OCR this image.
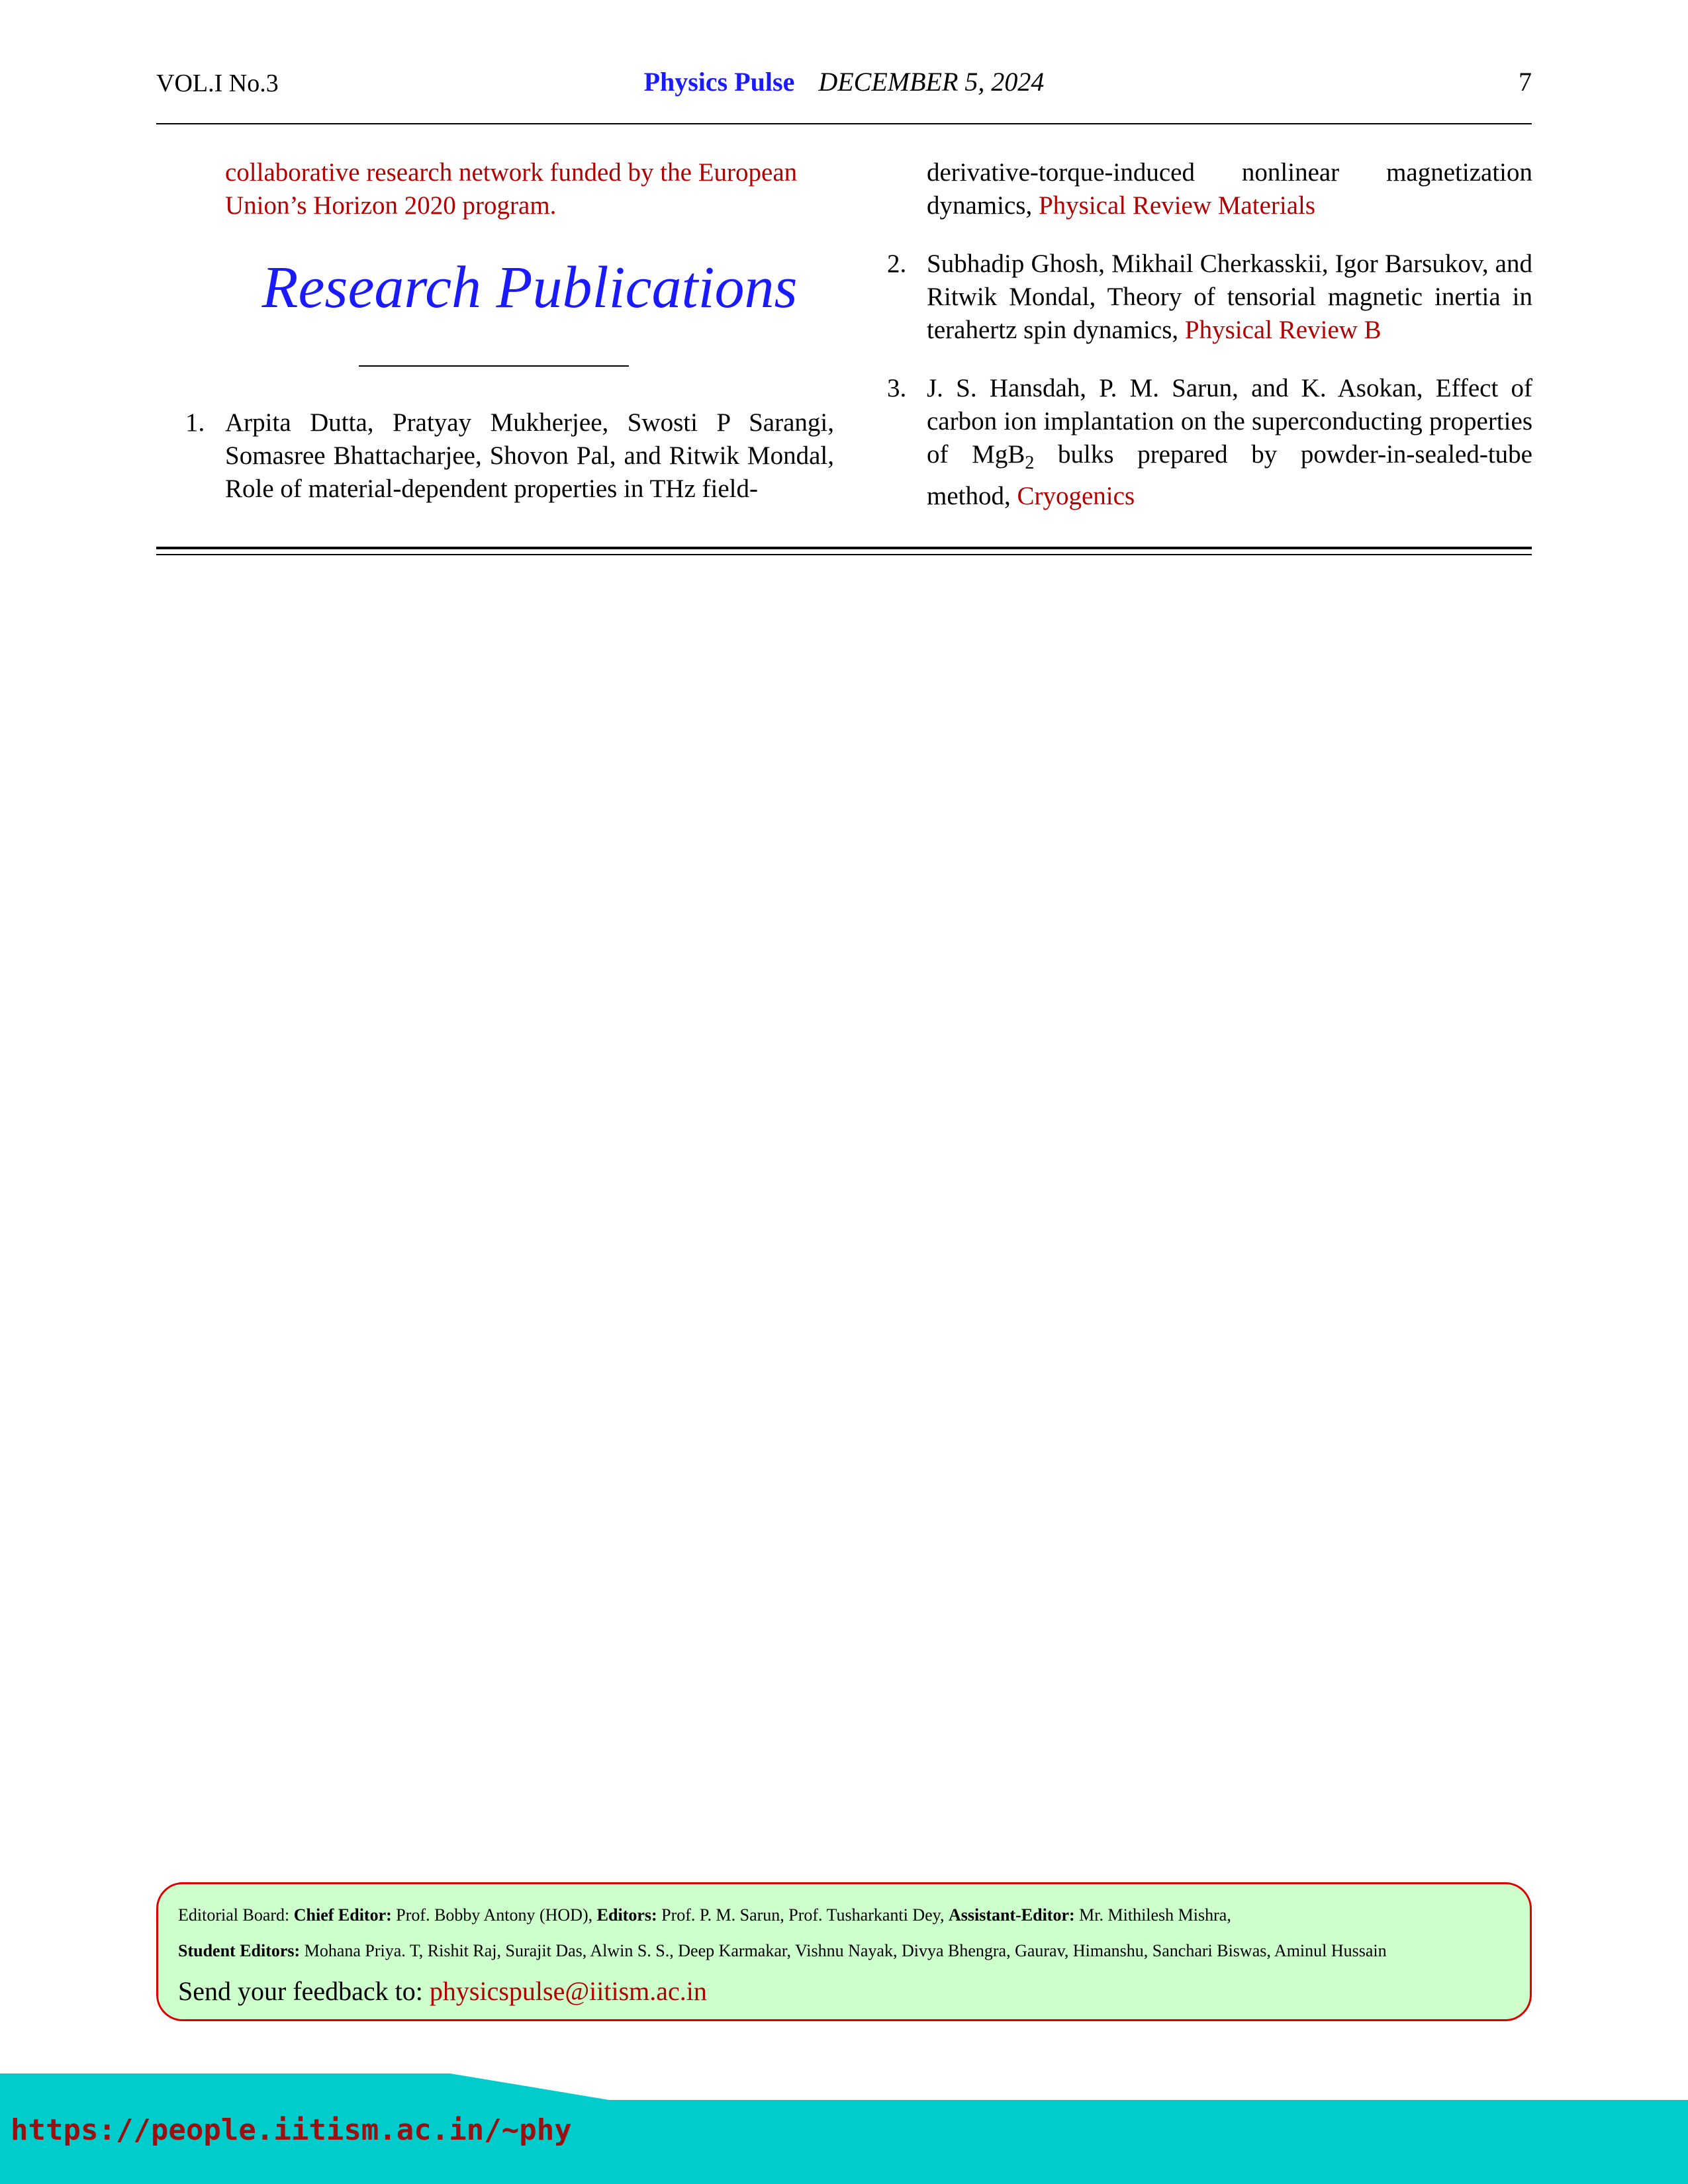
VOL.I No.3	Physics Pulse DECEMBER 5, 2024	7
collaborative research network funded by the European Union’s Horizon 2020 program.
Research Publications
1. Arpita Dutta, Pratyay Mukherjee, Swosti P Sarangi, Somasree Bhattacharjee, Shovon Pal, and Ritwik Mondal, Role of material-dependent properties in THz field-
derivative-torque-induced nonlinear magnetization dynamics, Physical Review Materials
2. Subhadip Ghosh, Mikhail Cherkasskii, Igor Barsukov, and Ritwik Mondal, Theory of tensorial magnetic inertia in terahertz spin dynamics, Physical Review B
3. J. S. Hansdah, P. M. Sarun, and K. Asokan, Effect of carbon ion implantation on the superconducting properties of MgB$_2$ bulks prepared by powder-in-sealed-tube method, Cryogenics
Editorial Board: Chief Editor: Prof. Bobby Antony (HOD), Editors: Prof. P. M. Sarun, Prof. Tusharkanti Dey, Assistant-Editor: Mr. Mithilesh Mishra,
Student Editors: Mohana Priya. T, Rishit Raj, Surajit Das, Alwin S. S., Deep Karmakar, Vishnu Nayak, Divya Bhengra, Gaurav, Himanshu, Sanchari Biswas, Aminul Hussain
Send your feedback to: physicspulse@iitism.ac.in
https://people.iitism.ac.in/~phy
